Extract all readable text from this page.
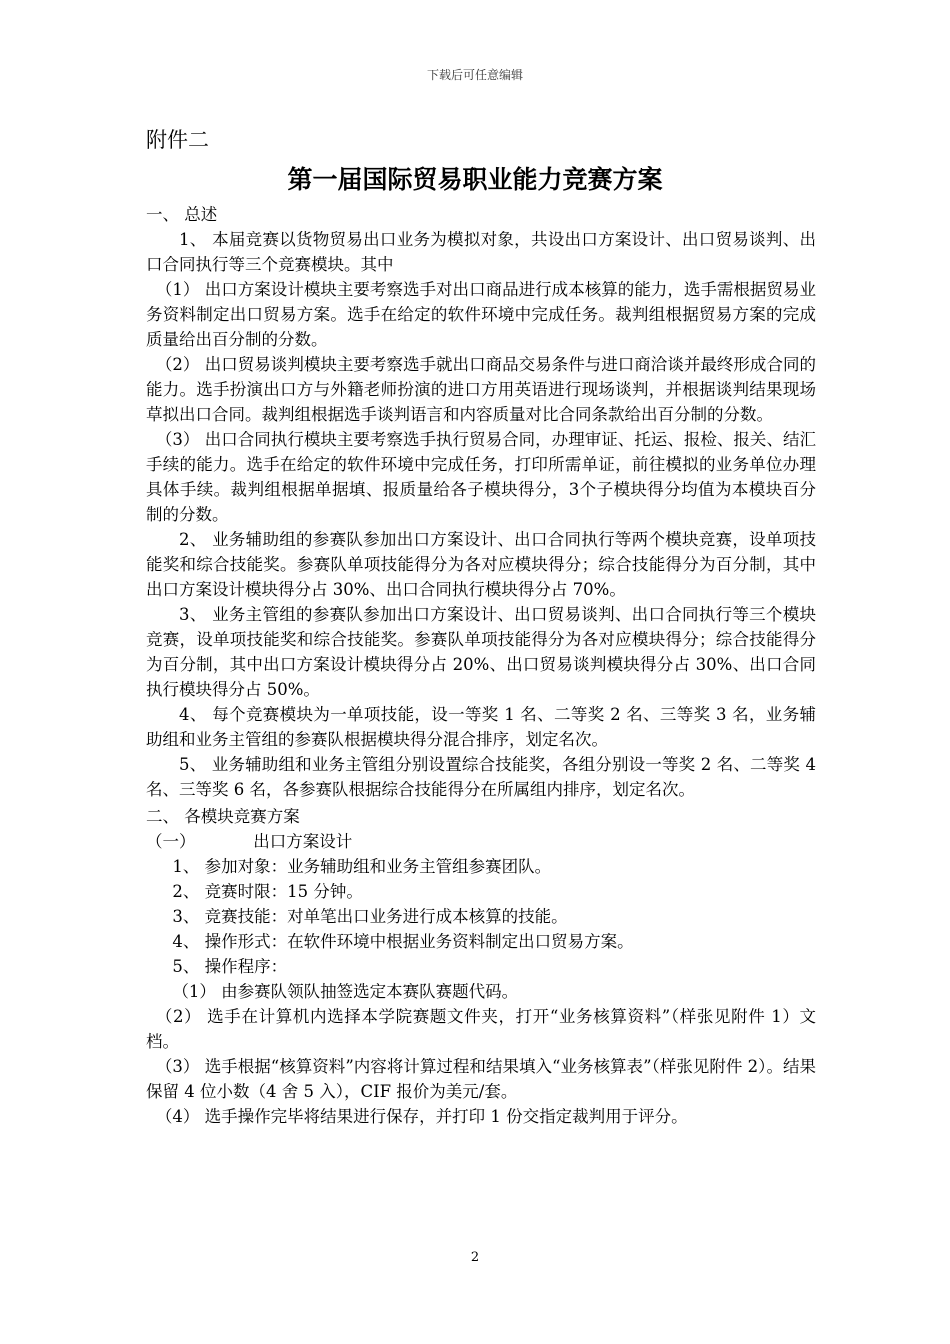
下载后可任意编辑
附件二
第一届国际贸易职业能力竞赛方案

一、 总述

1、 本届竞赛以货物贸易出口业务为模拟对象，共设出口方案设计、出口贸易谈判、出口合同执行等三个竞赛模块。其中

（1） 出口方案设计模块主要考察选手对出口商品进行成本核算的能力，选手需根据贸易业务资料制定出口贸易方案。选手在给定的软件环境中完成任务。裁判组根据贸易方案的完成质量给出百分制的分数。

（2） 出口贸易谈判模块主要考察选手就出口商品交易条件与进口商洽谈并最终形成合同的能力。选手扮演出口方与外籍老师扮演的进口方用英语进行现场谈判，并根据谈判结果现场草拟出口合同。裁判组根据选手谈判语言和内容质量对比合同条款给出百分制的分数。

（3） 出口合同执行模块主要考察选手执行贸易合同，办理审证、托运、报检、报关、结汇手续的能力。选手在给定的软件环境中完成任务，打印所需单证，前往模拟的业务单位办理具体手续。裁判组根据单据填、报质量给各子模块得分，3个子模块得分均值为本模块百分制的分数。

2、 业务辅助组的参赛队参加出口方案设计、出口合同执行等两个模块竞赛，设单项技能奖和综合技能奖。参赛队单项技能得分为各对应模块得分；综合技能得分为百分制，其中出口方案设计模块得分占 30%、出口合同执行模块得分占 70%。

3、 业务主管组的参赛队参加出口方案设计、出口贸易谈判、出口合同执行等三个模块竞赛，设单项技能奖和综合技能奖。参赛队单项技能得分为各对应模块得分；综合技能得分为百分制，其中出口方案设计模块得分占 20%、出口贸易谈判模块得分占 30%、出口合同执行模块得分占 50%。

4、 每个竞赛模块为一单项技能，设一等奖 1 名、二等奖 2 名、三等奖 3 名，业务辅助组和业务主管组的参赛队根据模块得分混合排序，划定名次。

5、 业务辅助组和业务主管组分别设置综合技能奖，各组分别设一等奖 2 名、二等奖 4 名、三等奖 6 名，各参赛队根据综合技能得分在所属组内排序，划定名次。

二、 各模块竞赛方案

（一）　　　　出口方案设计

1、 参加对象：业务辅助组和业务主管组参赛团队。

2、 竞赛时限：15 分钟。

3、 竞赛技能：对单笔出口业务进行成本核算的技能。

4、 操作形式：在软件环境中根据业务资料制定出口贸易方案。

5、 操作程序：

（1） 由参赛队领队抽签选定本赛队赛题代码。

（2） 选手在计算机内选择本学院赛题文件夹，打开“业务核算资料”（样张见附件 1）文档。

（3） 选手根据“核算资料”内容将计算过程和结果填入“业务核算表”（样张见附件 2）。结果保留 4 位小数（4 舍 5 入），CIF 报价为美元/套。

（4） 选手操作完毕将结果进行保存，并打印 1 份交指定裁判用于评分。

2
